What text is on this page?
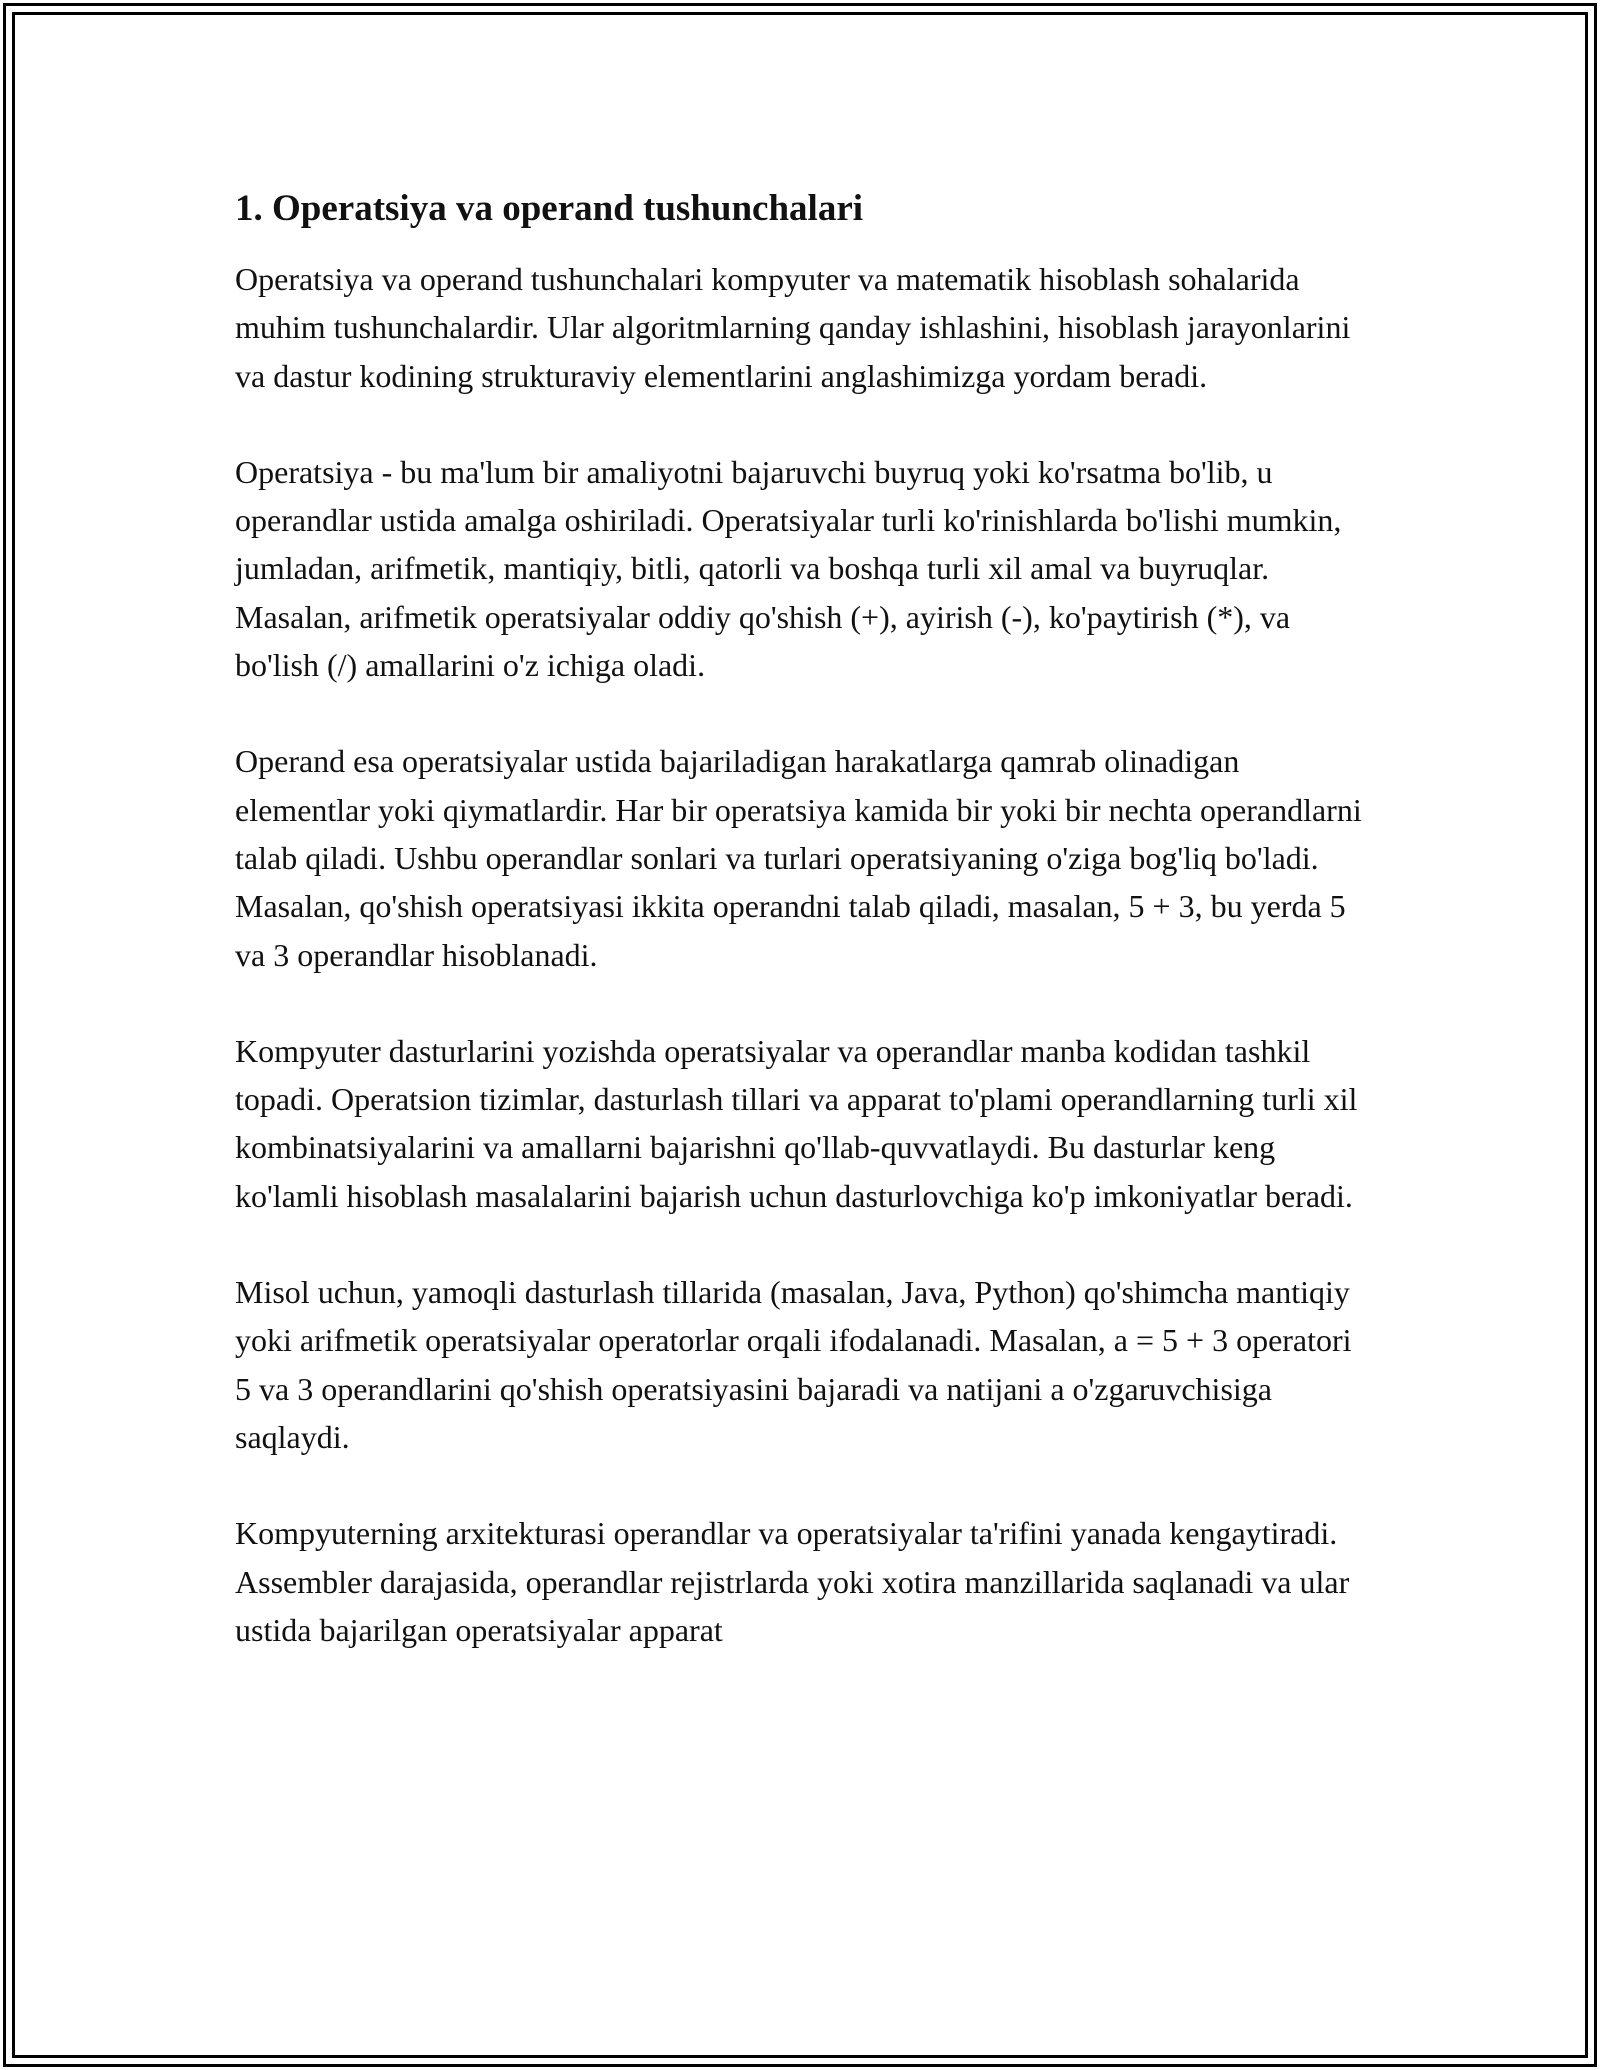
1. Operatsiya va operand tushunchalari

Operatsiya va operand tushunchalari kompyuter va matematik hisoblash sohalarida muhim tushunchalardir. Ular algoritmlarning qanday ishlashini, hisoblash jarayonlarini va dastur kodining strukturaviy elementlarini anglashimizga yordam beradi.

Operatsiya - bu ma'lum bir amaliyotni bajaruvchi buyruq yoki ko'rsatma bo'lib, u operandlar ustida amalga oshiriladi. Operatsiyalar turli ko'rinishlarda bo'lishi mumkin, jumladan, arifmetik, mantiqiy, bitli, qatorli va boshqa turli xil amal va buyruqlar. Masalan, arifmetik operatsiyalar oddiy qo'shish (+), ayirish (-), ko'paytirish (*), va bo'lish (/) amallarini o'z ichiga oladi.

Operand esa operatsiyalar ustida bajariladigan harakatlarga qamrab olinadigan elementlar yoki qiymatlardir. Har bir operatsiya kamida bir yoki bir nechta operandlarni talab qiladi. Ushbu operandlar sonlari va turlari operatsiyaning o'ziga bog'liq bo'ladi. Masalan, qo'shish operatsiyasi ikkita operandni talab qiladi, masalan, 5 + 3, bu yerda 5 va 3 operandlar hisoblanadi.

Kompyuter dasturlarini yozishda operatsiyalar va operandlar manba kodidan tashkil topadi. Operatsion tizimlar, dasturlash tillari va apparat to'plami operandlarning turli xil kombinatsiyalarini va amallarni bajarishni qo'llab-quvvatlaydi. Bu dasturlar keng ko'lamli hisoblash masalalarini bajarish uchun dasturlovchiga ko'p imkoniyatlar beradi.

Misol uchun, yamoqli dasturlash tillarida (masalan, Java, Python) qo'shimcha mantiqiy yoki arifmetik operatsiyalar operatorlar orqali ifodalanadi. Masalan, a = 5 + 3 operatori 5 va 3 operandlarini qo'shish operatsiyasini bajaradi va natijani a o'zgaruvchisiga saqlaydi.

Kompyuterning arxitekturasi operandlar va operatsiyalar ta'rifini yanada kengaytiradi. Assembler darajasida, operandlar rejistrlarda yoki xotira manzillarida saqlanadi va ular ustida bajarilgan operatsiyalar apparat
